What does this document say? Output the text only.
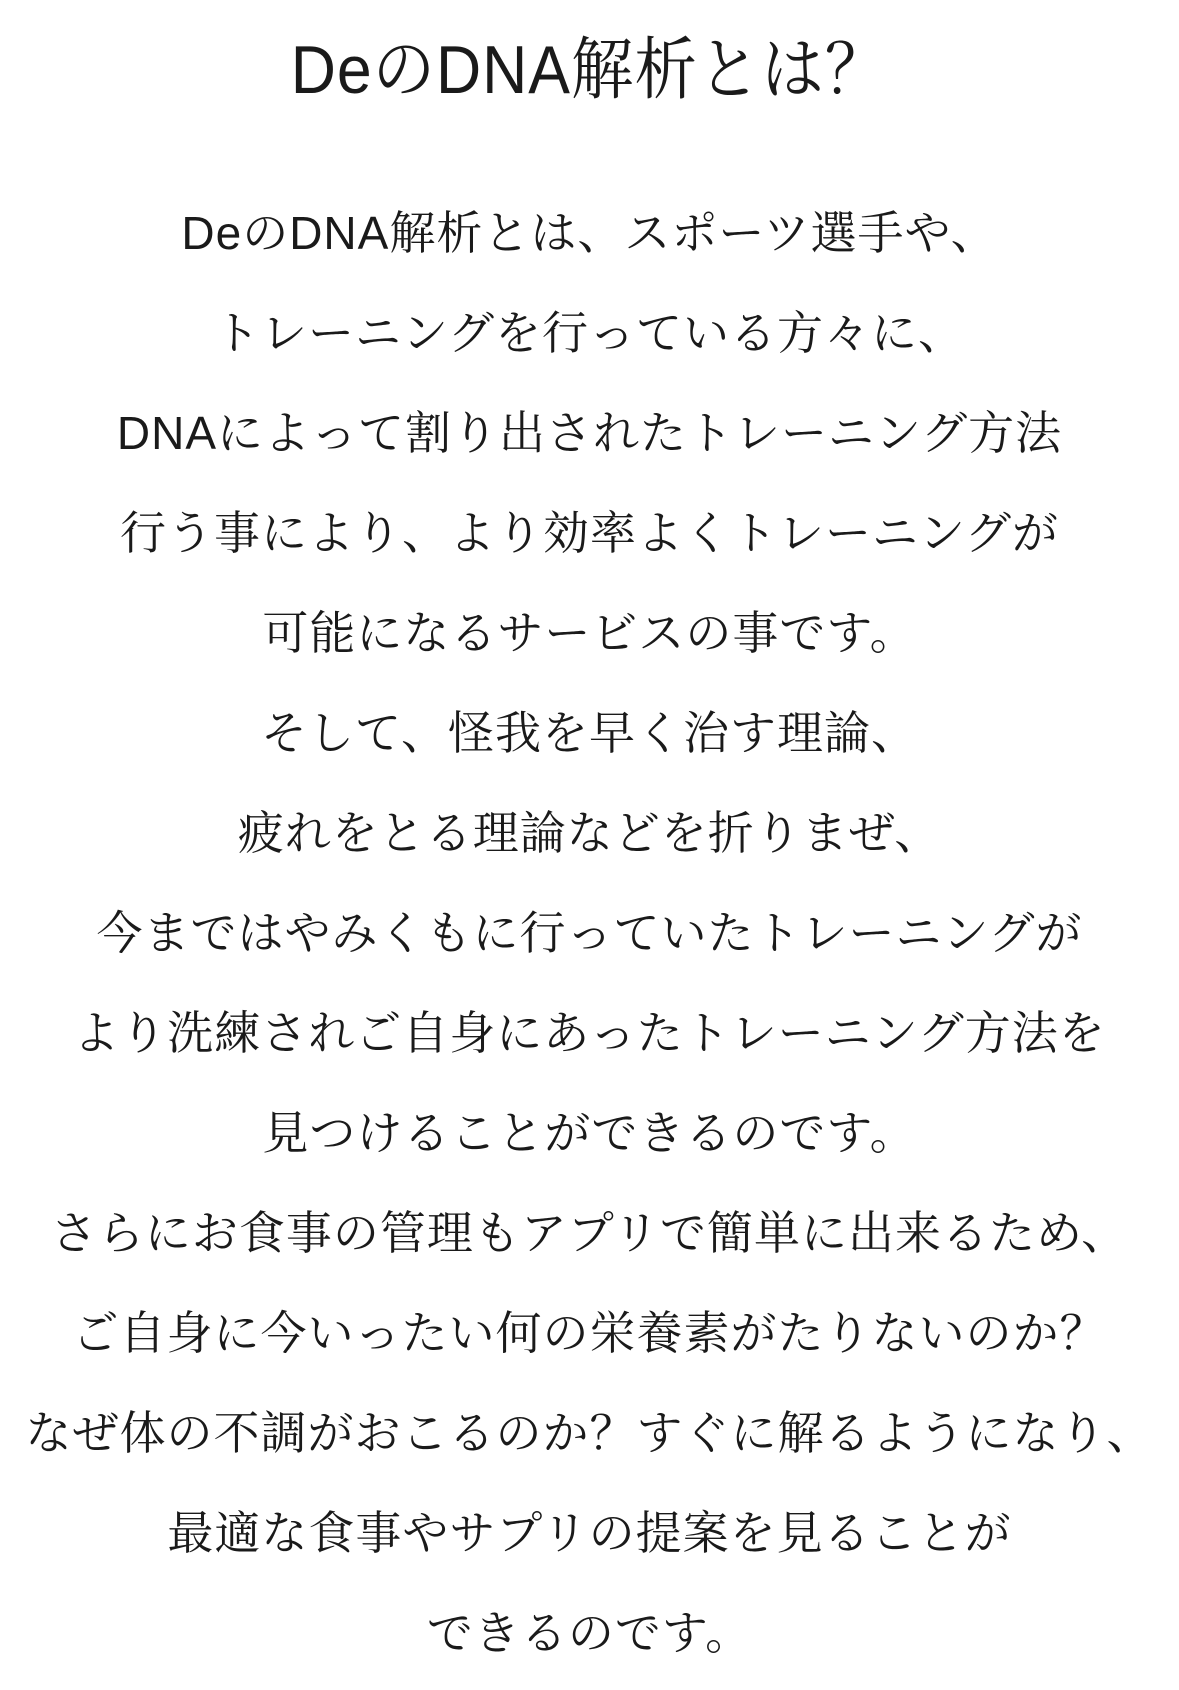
DeのDNA解析とは？

DeのDNA解析とは、スポーツ選手や、

トレーニングを行っている方々に、

DNAによって割り出されたトレーニング方法

行う事により、より効率よくトレーニングが

可能になるサービスの事です。

そして、怪我を早く治す理論、

疲れをとる理論などを折りまぜ、

今まではやみくもに行っていたトレーニングが

より洗練されご自身にあったトレーニング方法を

見つけることができるのです。

さらにお食事の管理もアプリで簡単に出来るため、

ご自身に今いったい何の栄養素がたりないのか？

なぜ体の不調がおこるのか？すぐに解るようになり、

最適な食事やサプリの提案を見ることが

できるのです。
